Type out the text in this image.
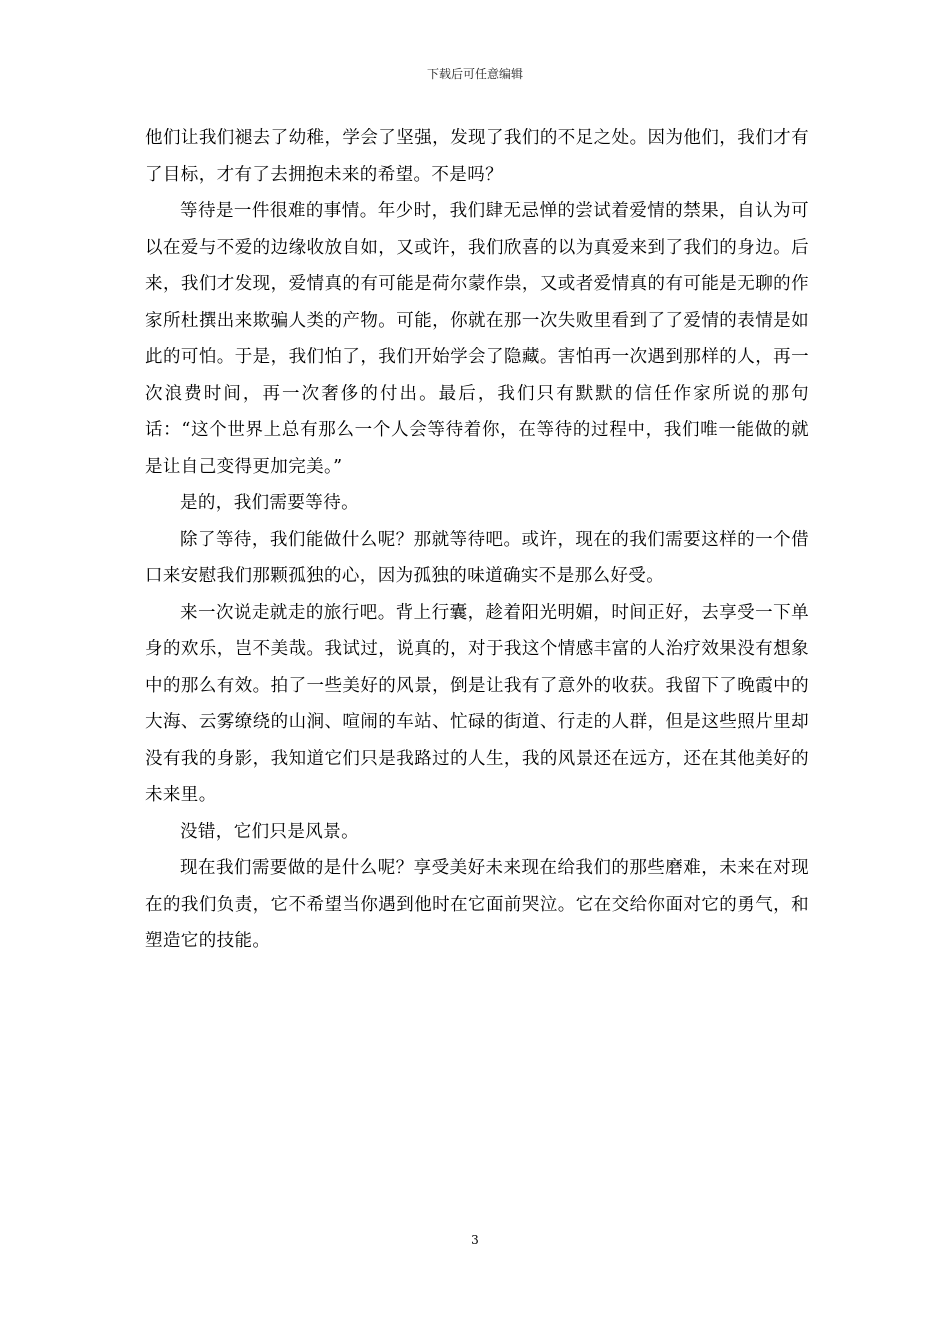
下载后可任意编辑

他们让我们褪去了幼稚，学会了坚强，发现了我们的不足之处。因为他们，我们才有了目标，才有了去拥抱未来的希望。不是吗？

等待是一件很难的事情。年少时，我们肆无忌惮的尝试着爱情的禁果，自认为可以在爱与不爱的边缘收放自如，又或许，我们欣喜的以为真爱来到了我们的身边。后来，我们才发现，爱情真的有可能是荷尔蒙作祟，又或者爱情真的有可能是无聊的作家所杜撰出来欺骗人类的产物。可能，你就在那一次失败里看到了了爱情的表情是如此的可怕。于是，我们怕了，我们开始学会了隐藏。害怕再一次遇到那样的人，再一次浪费时间，再一次奢侈的付出。最后，我们只有默默的信任作家所说的那句话：“这个世界上总有那么一个人会等待着你，在等待的过程中，我们唯一能做的就是让自己变得更加完美。”

是的，我们需要等待。

除了等待，我们能做什么呢？那就等待吧。或许，现在的我们需要这样的一个借口来安慰我们那颗孤独的心，因为孤独的味道确实不是那么好受。

来一次说走就走的旅行吧。背上行囊，趁着阳光明媚，时间正好，去享受一下单身的欢乐，岂不美哉。我试过，说真的，对于我这个情感丰富的人治疗效果没有想象中的那么有效。拍了一些美好的风景，倒是让我有了意外的收获。我留下了晚霞中的大海、云雾缭绕的山涧、喧闹的车站、忙碌的街道、行走的人群，但是这些照片里却没有我的身影，我知道它们只是我路过的人生，我的风景还在远方，还在其他美好的未来里。

没错，它们只是风景。

现在我们需要做的是什么呢？享受美好未来现在给我们的那些磨难，未来在对现在的我们负责，它不希望当你遇到他时在它面前哭泣。它在交给你面对它的勇气，和塑造它的技能。

3
